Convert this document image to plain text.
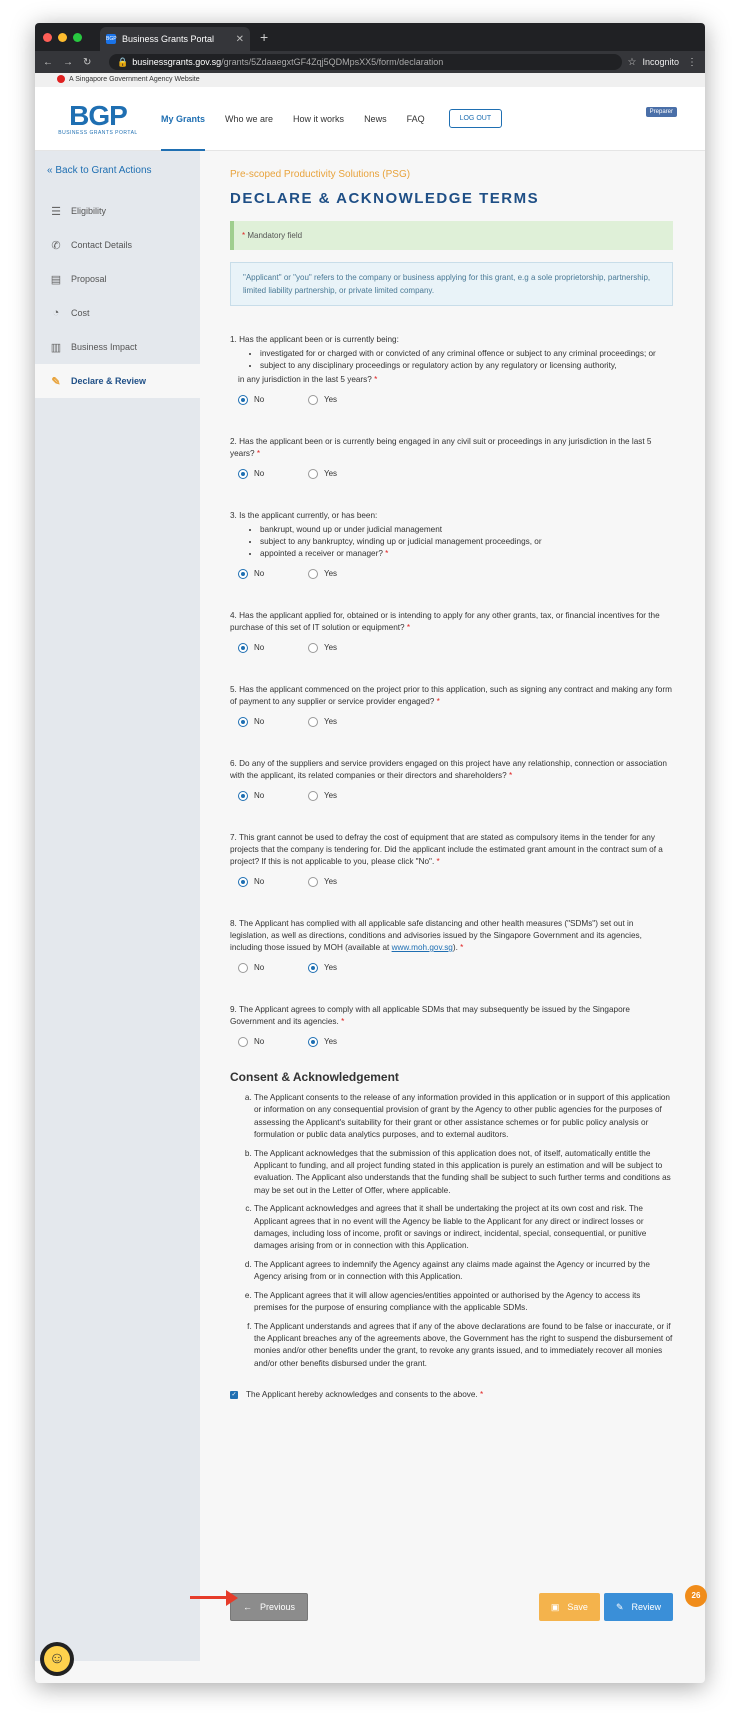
BGP Business Grants Portal	✕ +
←	→	↻	🔒 businessgrants.gov.sg /grants/5ZdaaegxtGF4Zqj5QDMpsXX5/form/declaration	☆ Incognito ⋮
A Singapore Government Agency Website
BGP
BUSINESS GRANTS PORTAL
My Grants Who we are How it works News FAQ	LOG OUT
Preparer
« Back to Grant Actions
☰ Eligibility
✆ Contact Details
▤ Proposal
◔	Cost
▥ Business Impact
✎ Declare & Review
Pre-scoped Productivity Solutions (PSG)
DECLARE & ACKNOWLEDGE TERMS
* Mandatory field
"Applicant" or "you" refers to the company or business applying for this grant, e.g a sole proprietorship, partnership, limited liability partnership, or private limited company.
1. Has the applicant been or is currently being:
• investigated for or charged with or convicted of any criminal offence or subject to any criminal proceedings; or
• subject to any disciplinary proceedings or regulatory action by any regulatory or licensing authority,
in any jurisdiction in the last 5 years? *
No	Yes
2. Has the applicant been or is currently being engaged in any civil suit or proceedings in any jurisdiction in the last 5 years? *
No	Yes
3. Is the applicant currently, or has been:
• bankrupt, wound up or under judicial management
• subject to any bankruptcy, winding up or judicial management proceedings, or
• appointed a receiver or manager? *
No	Yes
4. Has the applicant applied for, obtained or is intending to apply for any other grants, tax, or financial incentives for the purchase of this set of IT solution or equipment? *
No	Yes
5. Has the applicant commenced on the project prior to this application, such as signing any contract and making any form of payment to any supplier or service provider engaged? *
No	Yes
6. Do any of the suppliers and service providers engaged on this project have any relationship, connection or association with the applicant, its related companies or their directors and shareholders? *
No	Yes
7. This grant cannot be used to defray the cost of equipment that are stated as compulsory items in the tender for any projects that the company is tendering for. Did the applicant include the estimated grant amount in the contract sum of a project? If this is not applicable to you, please click "No". *
No	Yes
8. The Applicant has complied with all applicable safe distancing and other health measures ("SDMs") set out in legislation, as well as directions, conditions and advisories issued by the Singapore Government and its agencies, including those issued by MOH (available at www.moh.gov.sg). *
No	Yes
9. The Applicant agrees to comply with all applicable SDMs that may subsequently be issued by the Singapore Government and its agencies. *
No	Yes
Consent & Acknowledgement
a. The Applicant consents to the release of any information provided in this application or in support of this application or information on any consequential provision of grant by the Agency to other public agencies for the purposes of assessing the Applicant's suitability for their grant or other assistance schemes or for public policy analysis or formulation or public data analytics purposes, and to external auditors.
b. The Applicant acknowledges that the submission of this application does not, of itself, automatically entitle the Applicant to funding, and all project funding stated in this application is purely an estimation and will be subject to evaluation. The Applicant also understands that the funding shall be subject to such further terms and conditions as may be set out in the Letter of Offer, where applicable.
c. The Applicant acknowledges and agrees that it shall be undertaking the project at its own cost and risk. The Applicant agrees that in no event will the Agency be liable to the Applicant for any direct or indirect losses or damages, including loss of income, profit or savings or indirect, incidental, special, consequential, or punitive damages arising from or in connection with this Application.
d. The Applicant agrees to indemnify the Agency against any claims made against the Agency or incurred by the Agency arising from or in connection with this Application.
e. The Applicant agrees that it will allow agencies/entities appointed or authorised by the Agency to access its premises for the purpose of ensuring compliance with the applicable SDMs.
f. The Applicant understands and agrees that if any of the above declarations are found to be false or inaccurate, or if the Applicant breaches any of the agreements above, the Government has the right to suspend the disbursement of monies and/or other benefits under the grant, to revoke any grants issued, and to immediately recover all monies and/or other benefits disbursed under the grant.
✓ The Applicant hereby acknowledges and consents to the above.
*
← Previous	▣ Save	✎ Review
26
☺
